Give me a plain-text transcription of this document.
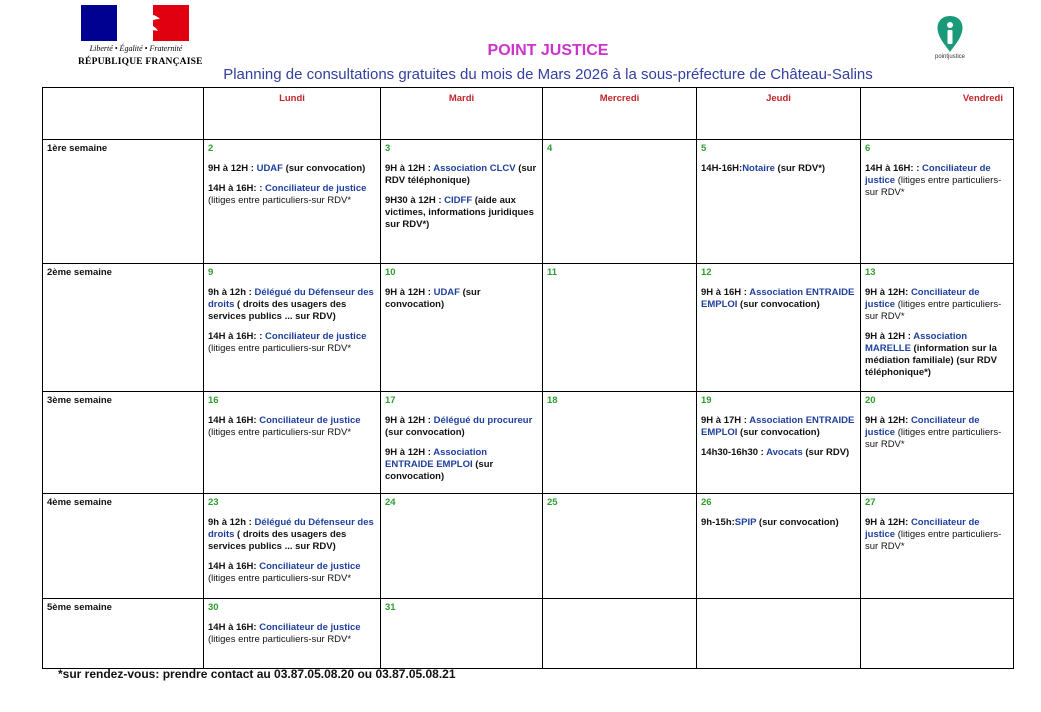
Liberté • Égalité • Fraternité
RÉPUBLIQUE FRANÇAISE	pointjustice
POINT JUSTICE
Planning de consultations gratuites du mois de Mars 2026 à la sous-préfecture de Château-Salins
	Lundi	Mardi	Mercredi	Jeudi	Vendredi
1ère semaine	2
9H à 12H : UDAF (sur convocation)
14H à 16H: : Conciliateur de justice (litiges entre particuliers-sur RDV*	3
9H à 12H : Association CLCV (sur RDV téléphonique)
9H30 à 12H : CIDFF (aide aux victimes, informations juridiques sur RDV*)	4	5
14H-16H:Notaire (sur RDV*)	6
14H à 16H: : Conciliateur de justice (litiges entre particuliers-sur RDV*

2ème semaine	9
9h à 12h : Délégué du Défenseur des droits ( droits des usagers des services publics ... sur RDV)
14H à 16H: : Conciliateur de justice (litiges entre particuliers-sur RDV*	10
9H à 12H : UDAF (sur convocation)	11	12
9H à 16H : Association ENTRAIDE EMPLOI (sur convocation)	13
9H à 12H: Conciliateur de justice (litiges entre particuliers-sur RDV*
9H à 12H : Association MARELLE (information sur la médiation familiale) (sur RDV téléphonique*)

3ème semaine	16
14H à 16H: Conciliateur de justice (litiges entre particuliers-sur RDV*	17
9H à 12H : Délégué du procureur (sur convocation)
9H à 12H : Association ENTRAIDE EMPLOI (sur convocation)	18	19
9H à 17H : Association ENTRAIDE EMPLOI (sur convocation)
14h30-16h30 : Avocats (sur RDV)	20
9H à 12H: Conciliateur de justice (litiges entre particuliers-sur RDV*

4ème semaine	23
9h à 12h : Délégué du Défenseur des droits ( droits des usagers des services publics ... sur RDV)
14H à 16H: Conciliateur de justice (litiges entre particuliers-sur RDV*	24	25	26
9h-15h:SPIP (sur convocation)	27
9H à 12H: Conciliateur de justice (litiges entre particuliers-sur RDV*

5ème semaine	30
14H à 16H: Conciliateur de justice (litiges entre particuliers-sur RDV*	31			

*sur rendez-vous: prendre contact au 03.87.05.08.20 ou 03.87.05.08.21
